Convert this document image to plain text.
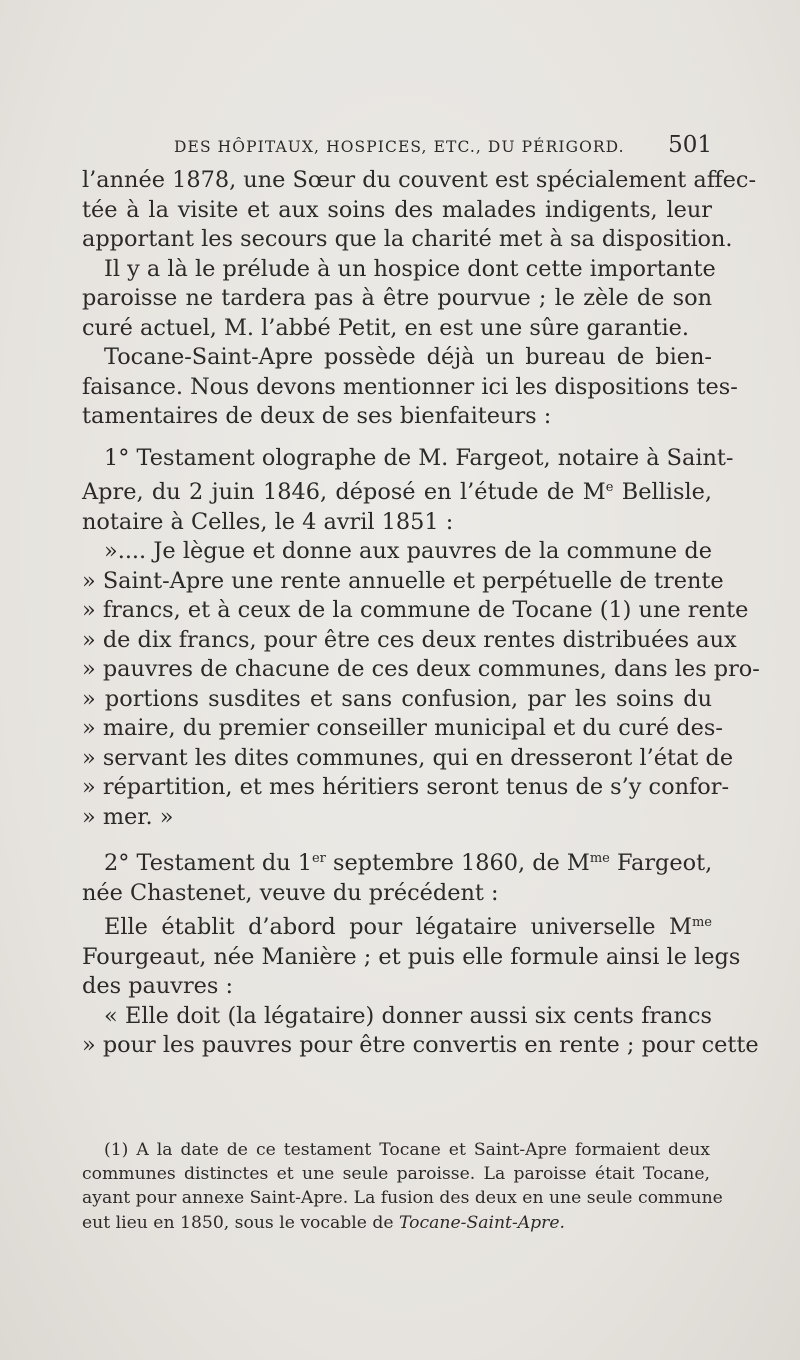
DES HÔPITAUX, HOSPICES, ETC., DU PÉRIGORD. 501
l’année 1878, une Sœur du couvent est spécialement affec-
tée à la visite et aux soins des malades indigents, leur
apportant les secours que la charité met à sa disposition.
Il y a là le prélude à un hospice dont cette importante
paroisse ne tardera pas à être pourvue ; le zèle de son
curé actuel, M. l’abbé Petit, en est une sûre garantie.
Tocane-Saint-Apre possède déjà un bureau de bien-
faisance. Nous devons mentionner ici les dispositions tes-
tamentaires de deux de ses bienfaiteurs :
1° Testament olographe de M. Fargeot, notaire à Saint-
Apre, du 2 juin 1846, déposé en l’étude de Me Bellisle,
notaire à Celles, le 4 avril 1851 :
».... Je lègue et donne aux pauvres de la commune de
» Saint-Apre une rente annuelle et perpétuelle de trente
» francs, et à ceux de la commune de Tocane (1) une rente
» de dix francs, pour être ces deux rentes distribuées aux
» pauvres de chacune de ces deux communes, dans les pro-
» portions susdites et sans confusion, par les soins du
» maire, du premier conseiller municipal et du curé des-
» servant les dites communes, qui en dresseront l’état de
» répartition, et mes héritiers seront tenus de s’y confor-
» mer. »
2° Testament du 1er septembre 1860, de $M^{me}$ Fargeot,
née Chastenet, veuve du précédent :
Elle établit d’abord pour légataire universelle $M^{me}$
Fourgeaut, née Manière ; et puis elle formule ainsi le legs
des pauvres :
« Elle doit (la légataire) donner aussi six cents francs
» pour les pauvres pour être convertis en rente ; pour cette
(1) A la date de ce testament Tocane et Saint-Apre formaient deux
communes distinctes et une seule paroisse. La paroisse était Tocane,
ayant pour annexe Saint-Apre. La fusion des deux en une seule commune
eut lieu en 1850, sous le vocable de Tocane-Saint-Apre.
